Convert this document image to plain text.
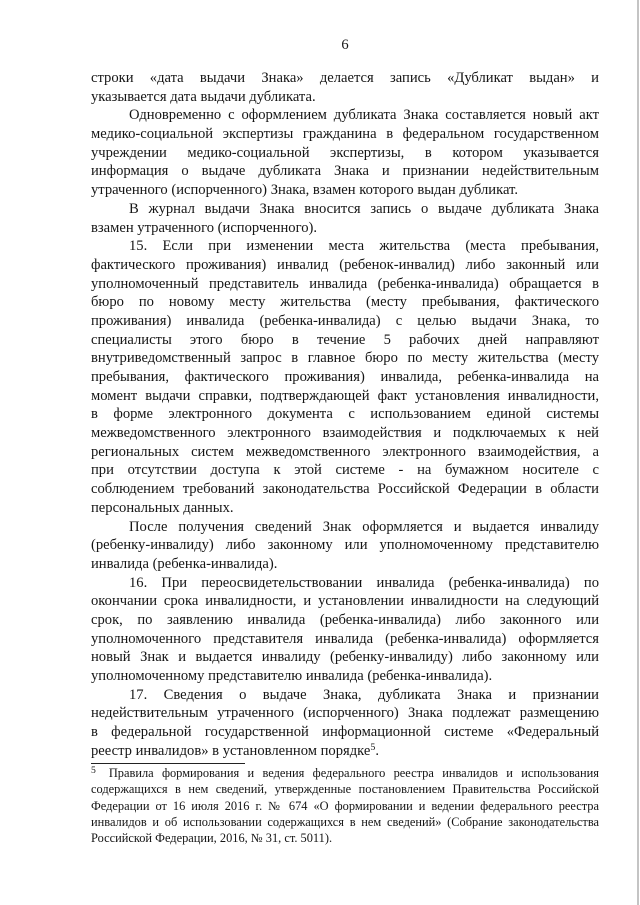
6
строки «дата выдачи Знака» делается запись «Дубликат выдан» и
указывается дата выдачи дубликата.
Одновременно с оформлением дубликата Знака составляется новый акт
медико-социальной экспертизы гражданина в федеральном государственном
учреждении медико-социальной экспертизы, в котором указывается
информация о выдаче дубликата Знака и признании недействительным
утраченного (испорченного) Знака, взамен которого выдан дубликат.
В журнал выдачи Знака вносится запись о выдаче дубликата Знака
взамен утраченного (испорченного).
15. Если при изменении места жительства (места пребывания,
фактического проживания) инвалид (ребенок-инвалид) либо законный или
уполномоченный представитель инвалида (ребенка-инвалида) обращается в
бюро по новому месту жительства (месту пребывания, фактического
проживания) инвалида (ребенка-инвалида) с целью выдачи Знака, то
специалисты этого бюро в течение 5 рабочих дней направляют
внутриведомственный запрос в главное бюро по месту жительства (месту
пребывания, фактического проживания) инвалида, ребенка-инвалида на
момент выдачи справки, подтверждающей факт установления инвалидности,
в форме электронного документа с использованием единой системы
межведомственного электронного взаимодействия и подключаемых к ней
региональных систем межведомственного электронного взаимодействия, а
при отсутствии доступа к этой системе - на бумажном носителе с
соблюдением требований законодательства Российской Федерации в области
персональных данных.
После получения сведений Знак оформляется и выдается инвалиду
(ребенку-инвалиду) либо законному или уполномоченному представителю
инвалида (ребенка-инвалида).
16. При переосвидетельствовании инвалида (ребенка-инвалида) по
окончании срока инвалидности, и установлении инвалидности на следующий
срок, по заявлению инвалида (ребенка-инвалида) либо законного или
уполномоченного представителя инвалида (ребенка-инвалида) оформляется
новый Знак и выдается инвалиду (ребенку-инвалиду) либо законному или
уполномоченному представителю инвалида (ребенка-инвалида).
17. Сведения о выдаче Знака, дубликата Знака и признании
недействительным утраченного (испорченного) Знака подлежат размещению
в федеральной государственной информационной системе «Федеральный
реестр инвалидов» в установленном порядке$^5$.
$^5$ Правила формирования и ведения федерального реестра инвалидов и использования
содержащихся в нем сведений, утвержденные постановлением Правительства Российской
Федерации от 16 июля 2016 г. № 674 «О формировании и ведении федерального реестра
инвалидов и об использовании содержащихся в нем сведений» (Собрание законодательства
Российской Федерации, 2016, № 31, ст. 5011).
